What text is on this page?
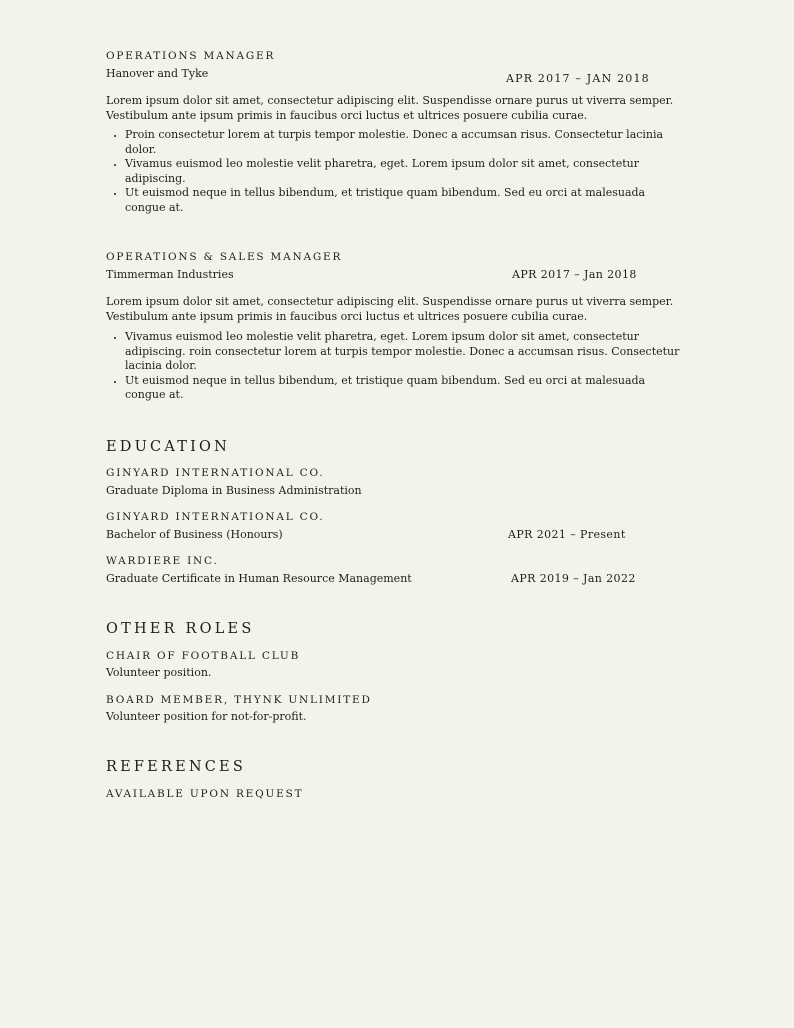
OPERATIONS MANAGER
Hanover and Tyke	APR 2017 – JAN 2018
Lorem ipsum dolor sit amet, consectetur adipiscing elit. Suspendisse ornare purus ut viverra semper. Vestibulum ante ipsum primis in faucibus orci luctus et ultrices posuere cubilia curae.
• Proin consectetur lorem at turpis tempor molestie. Donec a accumsan risus. Consectetur lacinia dolor.
• Vivamus euismod leo molestie velit pharetra, eget. Lorem ipsum dolor sit amet, consectetur adipiscing.
• Ut euismod neque in tellus bibendum, et tristique quam bibendum. Sed eu orci at malesuada congue at.
OPERATIONS & SALES MANAGER
Timmerman Industries	APR 2017 – Jan 2018
Lorem ipsum dolor sit amet, consectetur adipiscing elit. Suspendisse ornare purus ut viverra semper. Vestibulum ante ipsum primis in faucibus orci luctus et ultrices posuere cubilia curae.
• Vivamus euismod leo molestie velit pharetra, eget. Lorem ipsum dolor sit amet, consectetur adipiscing. roin consectetur lorem at turpis tempor molestie. Donec a accumsan risus. Consectetur lacinia dolor.
• Ut euismod neque in tellus bibendum, et tristique quam bibendum. Sed eu orci at malesuada congue at.
EDUCATION
GINYARD INTERNATIONAL CO.
Graduate Diploma in Business Administration
GINYARD INTERNATIONAL CO.
Bachelor of Business (Honours)	APR 2021 – Present
WARDIERE INC.
Graduate Certificate in Human Resource Management	APR 2019 – Jan 2022
OTHER ROLES
CHAIR OF FOOTBALL CLUB
Volunteer position.
BOARD MEMBER, THYNK UNLIMITED
Volunteer position for not-for-profit.
REFERENCES
AVAILABLE UPON REQUEST
